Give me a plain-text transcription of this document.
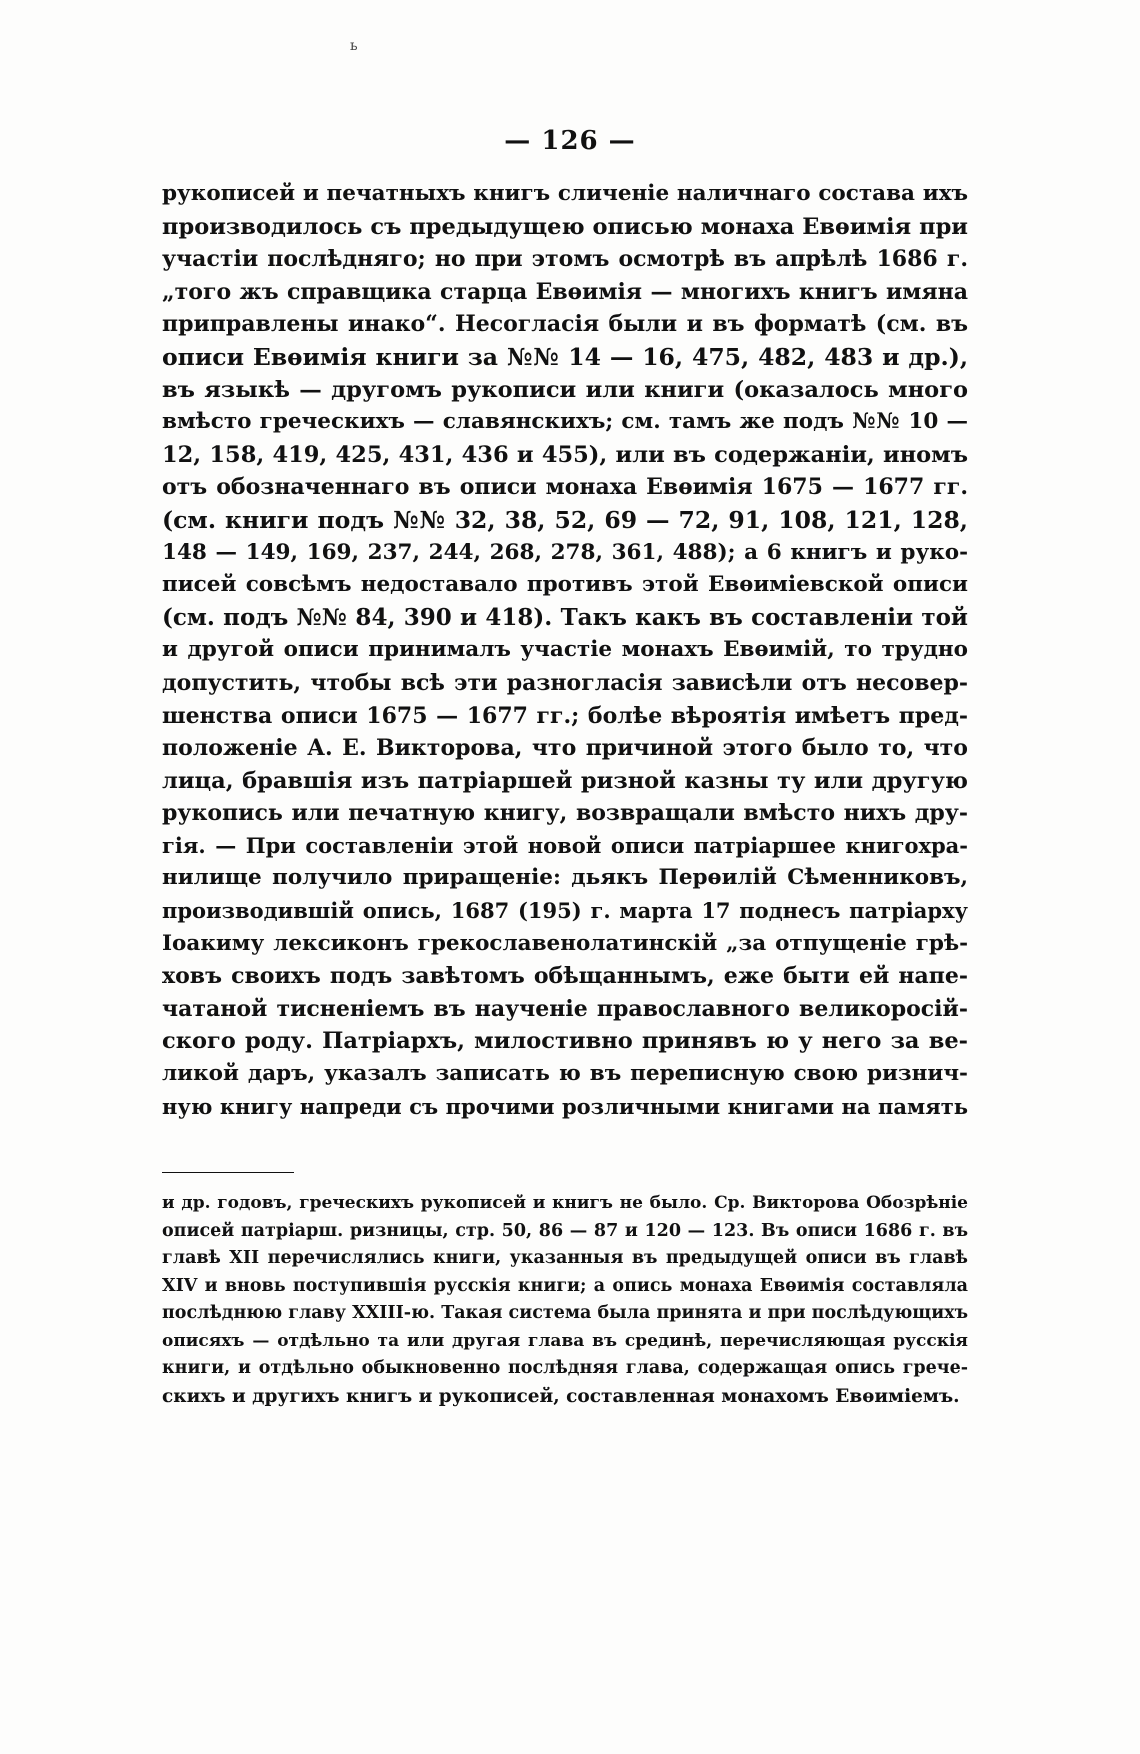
ь
— 126 —
рукописей и печатныхъ книгъ сличеніе наличнаго состава ихъ
производилось съ предыдущею описью монаха Евѳимія при
участіи послѣдняго; но при этомъ осмотрѣ въ апрѣлѣ 1686 г.
„того жъ справщика старца Евѳимія — многихъ книгъ имяна
приправлены инако“. Несогласія были и въ форматѣ (см. въ
описи Евѳимія книги за №№ 14 — 16, 475, 482, 483 и др.),
въ языкѣ — другомъ рукописи или книги (оказалось много
вмѣсто греческихъ — славянскихъ; см. тамъ же подъ №№ 10 —
12, 158, 419, 425, 431, 436 и 455), или въ содержаніи, иномъ
отъ обозначеннаго въ описи монаха Евѳимія 1675 — 1677 гг.
(см. книги подъ №№ 32, 38, 52, 69 — 72, 91, 108, 121, 128,
148 — 149, 169, 237, 244, 268, 278, 361, 488); а 6 книгъ и руко-
писей совсѣмъ недоставало противъ этой Евѳиміевской описи
(см. подъ №№ 84, 390 и 418). Такъ какъ въ составленіи той
и другой описи принималъ участіе монахъ Евѳимій, то трудно
допустить, чтобы всѣ эти разногласія зависѣли отъ несовер-
шенства описи 1675 — 1677 гг.; болѣе вѣроятія имѣетъ пред-
положеніе А. Е. Викторова, что причиной этого было то, что
лица, бравшія изъ патріаршей ризной казны ту или другую
рукопись или печатную книгу, возвращали вмѣсто нихъ дру-
гія. — При составленіи этой новой описи патріаршее книгохра-
нилище получило приращеніе: дьякъ Перѳилій Сѣменниковъ,
производившій опись, 1687 (195) г. марта 17 поднесъ патріарху
Іоакиму лексиконъ грекославенолатинскій „за отпущеніе грѣ-
ховъ своихъ подъ завѣтомъ обѣщаннымъ, еже быти ей напе-
чатаной тисненіемъ въ наученіе православного великоросій-
ского роду. Патріархъ, милостивно принявъ ю у него за ве-
ликой даръ, указалъ записать ю въ переписную свою ризнич-
ную книгу напреди съ прочими розличными книгами на память
и др. годовъ, греческихъ рукописей и книгъ не было. Ср. Викторова Обозрѣніе
описей патріарш. ризницы, стр. 50, 86 — 87 и 120 — 123. Въ описи 1686 г. въ
главѣ XII перечислялись книги, указанныя въ предыдущей описи въ главѣ
XIV и вновь поступившія русскія книги; а опись монаха Евѳимія составляла
послѣднюю главу XXIII-ю. Такая система была принята и при послѣдующихъ
описяхъ — отдѣльно та или другая глава въ срединѣ, перечисляющая русскія
книги, и отдѣльно обыкновенно послѣдняя глава, содержащая опись грече-
скихъ и другихъ книгъ и рукописей, составленная монахомъ Евѳиміемъ.
